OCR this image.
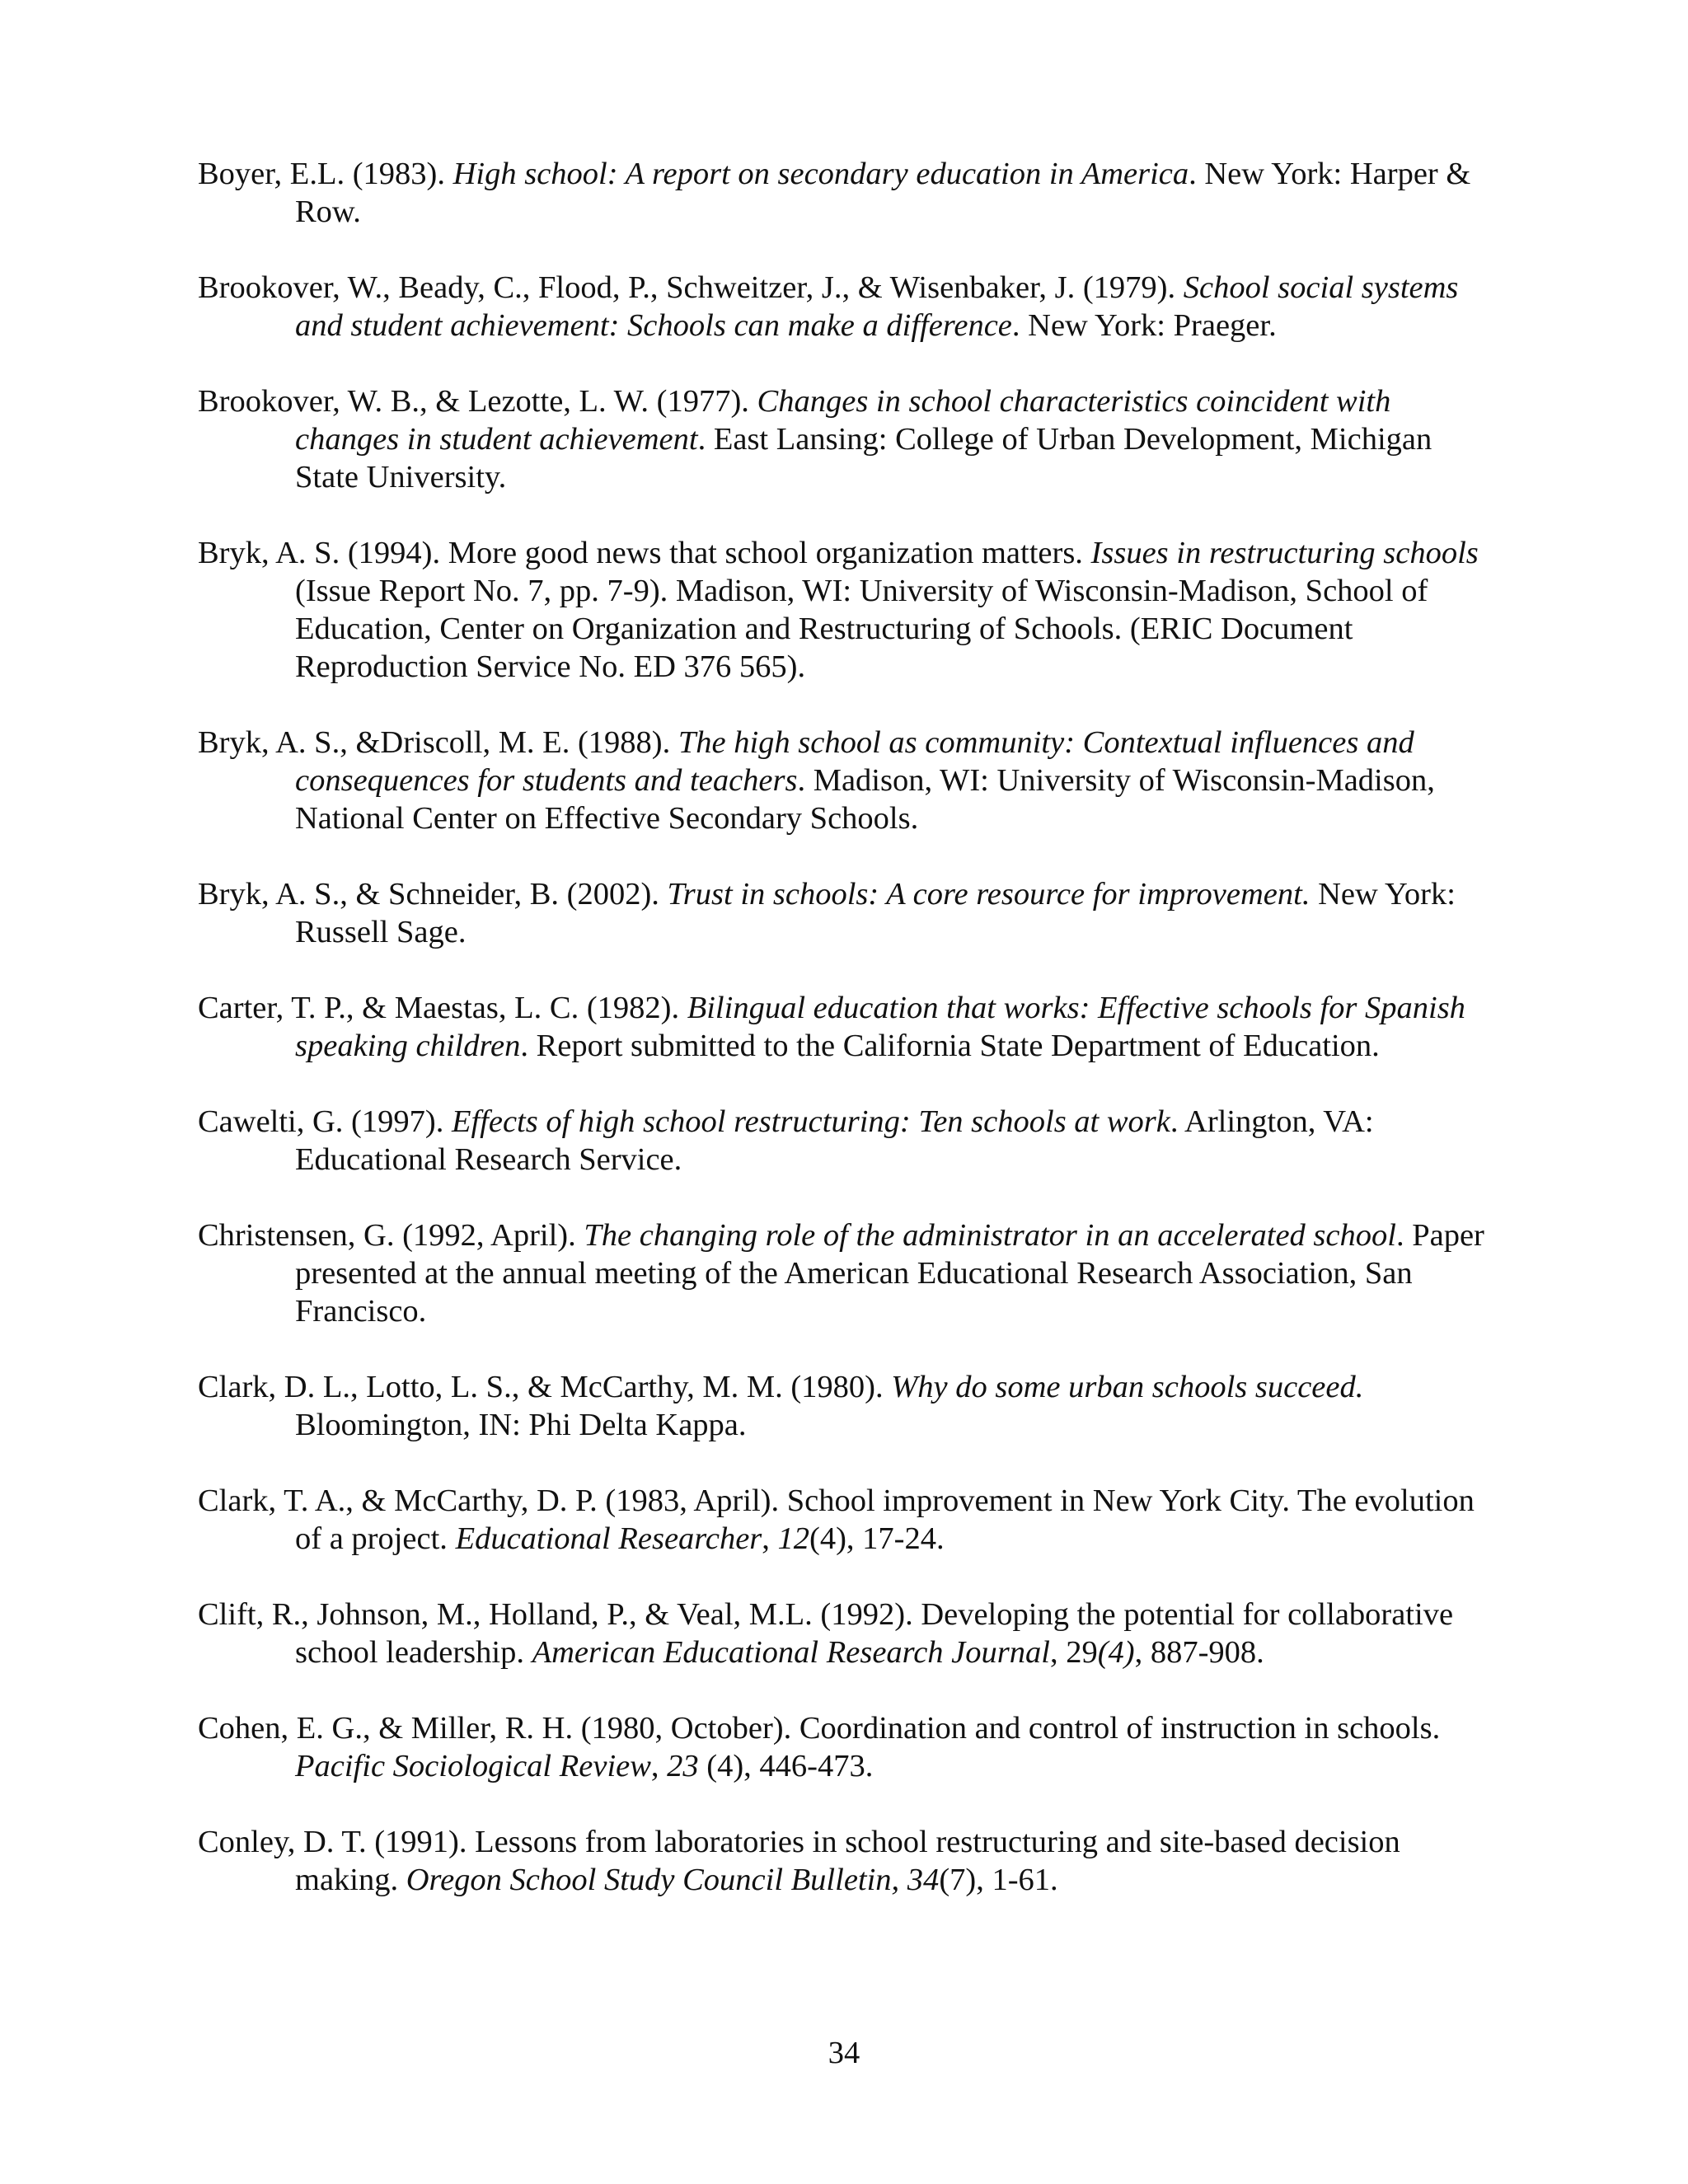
Boyer, E.L. (1983). High school: A report on secondary education in America. New York: Harper & Row.
Brookover, W., Beady, C., Flood, P., Schweitzer, J., & Wisenbaker, J. (1979). School social systems and student achievement: Schools can make a difference. New York: Praeger.
Brookover, W. B., & Lezotte, L. W. (1977). Changes in school characteristics coincident with changes in student achievement. East Lansing: College of Urban Development, Michigan State University.
Bryk, A. S. (1994). More good news that school organization matters. Issues in restructuring schools (Issue Report No. 7, pp. 7-9). Madison, WI: University of Wisconsin-Madison, School of Education, Center on Organization and Restructuring of Schools. (ERIC Document Reproduction Service No. ED 376 565).
Bryk, A. S., &Driscoll, M. E. (1988). The high school as community: Contextual influences and consequences for students and teachers. Madison, WI: University of Wisconsin-Madison, National Center on Effective Secondary Schools.
Bryk, A. S., & Schneider, B. (2002). Trust in schools: A core resource for improvement. New York: Russell Sage.
Carter, T. P., & Maestas, L. C. (1982). Bilingual education that works: Effective schools for Spanish speaking children. Report submitted to the California State Department of Education.
Cawelti, G. (1997). Effects of high school restructuring: Ten schools at work. Arlington, VA: Educational Research Service.
Christensen, G. (1992, April). The changing role of the administrator in an accelerated school. Paper presented at the annual meeting of the American Educational Research Association, San Francisco.
Clark, D. L., Lotto, L. S., & McCarthy, M. M. (1980). Why do some urban schools succeed. Bloomington, IN: Phi Delta Kappa.
Clark, T. A., & McCarthy, D. P. (1983, April). School improvement in New York City. The evolution of a project. Educational Researcher, 12(4), 17-24.
Clift, R., Johnson, M., Holland, P., & Veal, M.L. (1992). Developing the potential for collaborative school leadership. American Educational Research Journal, 29(4), 887-908.
Cohen, E. G., & Miller, R. H. (1980, October). Coordination and control of instruction in schools. Pacific Sociological Review, 23 (4), 446-473.
Conley, D. T. (1991). Lessons from laboratories in school restructuring and site-based decision making. Oregon School Study Council Bulletin, 34(7), 1-61.
34
